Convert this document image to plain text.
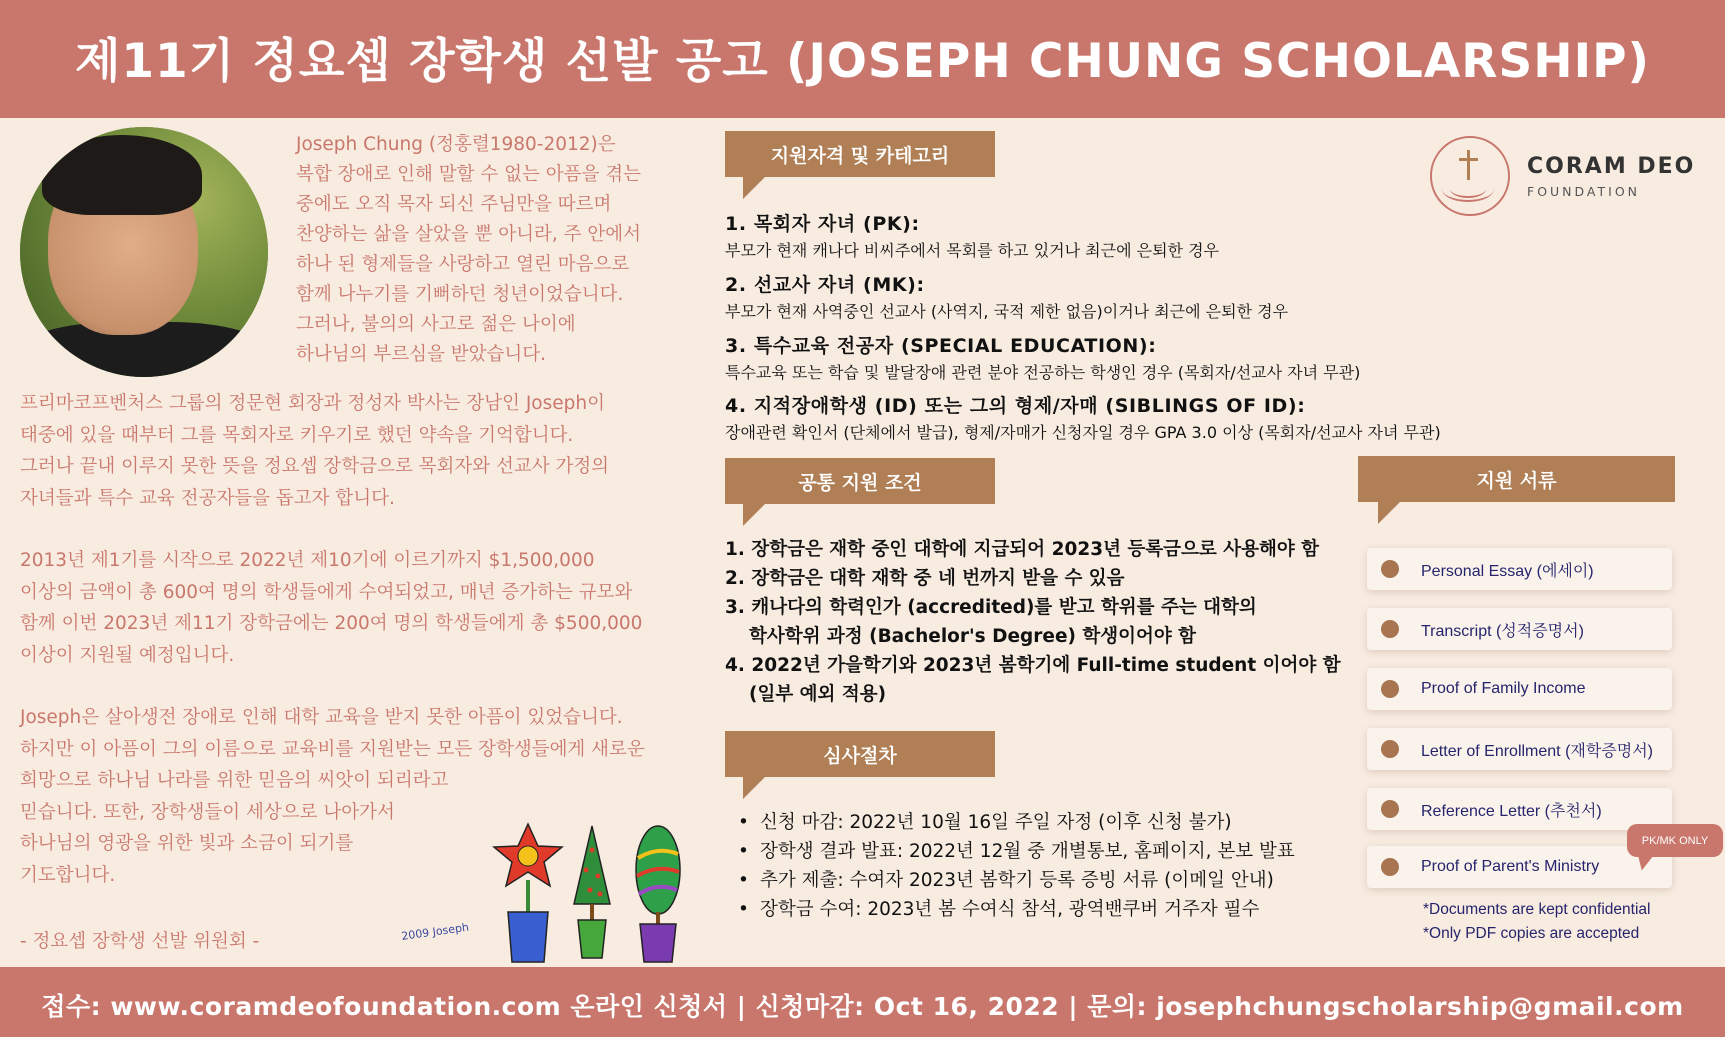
제11기 정요셉 장학생 선발 공고 (JOSEPH CHUNG SCHOLARSHIP)
Joseph Chung (정홍렬1980-2012)은
복합 장애로 인해 말할 수 없는 아픔을 겪는
중에도 오직 목자 되신 주님만을 따르며
찬양하는 삶을 살았을 뿐 아니라, 주 안에서
하나 된 형제들을 사랑하고 열린 마음으로
함께 나누기를 기뻐하던 청년이었습니다.
그러나, 불의의 사고로 젊은 나이에
하나님의 부르심을 받았습니다.
프리마코프벤처스 그룹의 정문현 회장과 정성자 박사는 장남인 Joseph이
태중에 있을 때부터 그를 목회자로 키우기로 했던 약속을 기억합니다.
그러나 끝내 이루지 못한 뜻을 정요셉 장학금으로 목회자와 선교사 가정의
자녀들과 특수 교육 전공자들을 돕고자 합니다.
2013년 제1기를 시작으로 2022년 제10기에 이르기까지 $1,500,000
이상의 금액이 총 600여 명의 학생들에게 수여되었고, 매년 증가하는 규모와
함께 이번 2023년 제11기 장학금에는 200여 명의 학생들에게 총 $500,000
이상이 지원될 예정입니다.
Joseph은 살아생전 장애로 인해 대학 교육을 받지 못한 아픔이 있었습니다.
하지만 이 아픔이 그의 이름으로 교육비를 지원받는 모든 장학생들에게 새로운
희망으로 하나님 나라를 위한 믿음의 씨앗이 되리라고
믿습니다. 또한, 장학생들이 세상으로 나아가서
하나님의 영광을 위한 빛과 소금이 되기를
기도합니다.
- 정요셉 장학생 선발 위원회 -	2009 Joseph
지원자격 및 카테고리
1. 목회자 자녀 (PK):
부모가 현재 캐나다 비씨주에서 목회를 하고 있거나 최근에 은퇴한 경우
2. 선교사 자녀 (MK):
부모가 현재 사역중인 선교사 (사역지, 국적 제한 없음)이거나 최근에 은퇴한 경우
3. 특수교육 전공자 (SPECIAL EDUCATION):
특수교육 또는 학습 및 발달장애 관련 분야 전공하는 학생인 경우 (목회자/선교사 자녀 무관)
4. 지적장애학생 (ID) 또는 그의 형제/자매 (SIBLINGS OF ID):
장애관련 확인서 (단체에서 발급), 형제/자매가 신청자일 경우 GPA 3.0 이상 (목회자/선교사 자녀 무관)
공통 지원 조건
1. 장학금은 재학 중인 대학에 지급되어 2023년 등록금으로 사용해야 함
2. 장학금은 대학 재학 중 네 번까지 받을 수 있음
3. 캐나다의 학력인가 (accredited)를 받고 학위를 주는 대학의
학사학위 과정 (Bachelor's Degree) 학생이어야 함
4. 2022년 가을학기와 2023년 봄학기에 Full-time student 이어야 함
(일부 예외 적용)
심사절차
• 신청 마감: 2022년 10월 16일 주일 자정 (이후 신청 불가)
• 장학생 결과 발표: 2022년 12월 중 개별통보, 홈페이지, 본보 발표
• 추가 제출: 수여자 2023년 봄학기 등록 증빙 서류 (이메일 안내)
• 장학금 수여: 2023년 봄 수여식 참석, 광역밴쿠버 거주자 필수
CORAM DEO
FOUNDATION
지원 서류
Personal Essay (에세이)
Transcript (성적증명서)
Proof of Family Income
Letter of Enrollment (재학증명서)
Reference Letter (추천서)
Proof of Parent's Ministry
PK/MK ONLY
*Documents are kept confidential
*Only PDF copies are accepted

접수: www.coramdeofoundation.com 온라인 신청서 | 신청마감: Oct 16, 2022 | 문의: josephchungscholarship@gmail.com
